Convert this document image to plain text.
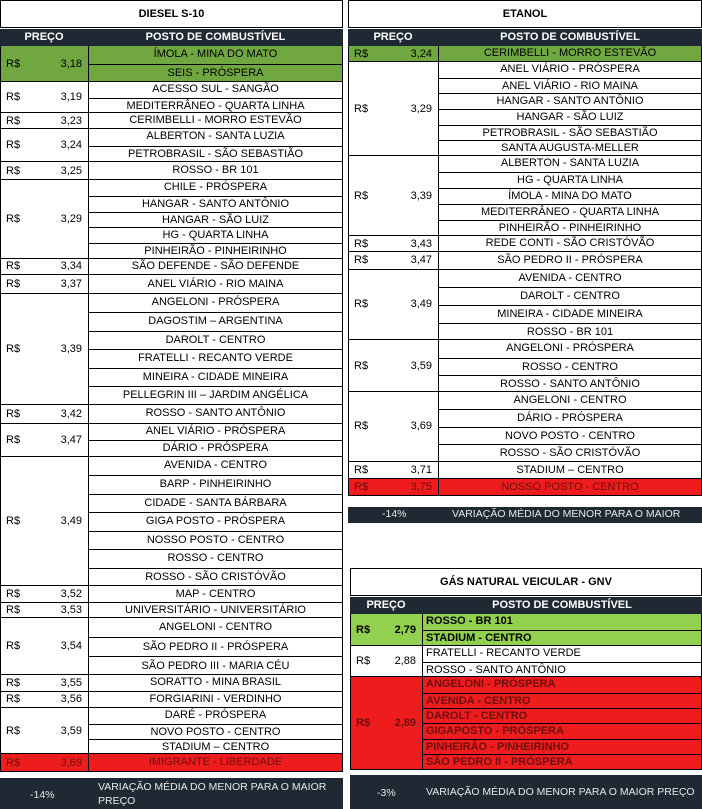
DIESEL S-10
PREÇO	POSTO DE COMBUSTÍVEL
R$	3,18
ÍMOLA - MINA DO MATO
SEIS - PRÓSPERA
R$	3,19
ACESSO SUL - SANGÃO
MEDITERRÂNEO - QUARTA LINHA
R$	3,23	CERIMBELLI - MORRO ESTEVÃO
R$	3,24
ALBERTON - SANTA LUZIA
PETROBRASIL - SÃO SEBASTIÃO
R$	3,25	ROSSO - BR 101
R$	3,29
CHILE - PRÓSPERA
HANGAR - SANTO ANTÔNIO
HANGAR - SÃO LUIZ
HG - QUARTA LINHA
PINHEIRÃO - PINHEIRINHO
R$	3,34	SÃO DEFENDE - SÃO DEFENDE
R$	3,37	ANEL VIÁRIO - RIO MAINA
R$	3,39
ANGELONI - PRÓSPERA
DAGOSTIM – ARGENTINA
DAROLT - CENTRO
FRATELLI - RECANTO VERDE
MINEIRA - CIDADE MINEIRA
PELLEGRIN III – JARDIM ANGÉLICA
R$	3,42	ROSSO - SANTO ANTÔNIO
R$	3,47
ANEL VIÁRIO - PRÓSPERA
DÁRIO - PRÓSPERA
R$	3,49
AVENIDA - CENTRO
BARP - PINHEIRINHO
CIDADE - SANTA BÁRBARA
GIGA POSTO - PRÓSPERA
NOSSO POSTO - CENTRO
ROSSO - CENTRO
ROSSO - SÃO CRISTÓVÃO
R$	3,52	MAP - CENTRO
R$	3,53	UNIVERSITÁRIO - UNIVERSITÁRIO
R$	3,54
ANGELONI - CENTRO
SÃO PEDRO II - PRÓSPERA
SÃO PEDRO III - MARIA CÉU
R$	3,55	SORATTO - MINA BRASIL
R$	3,56	FORGIARINI - VERDINHO
R$	3,59
DARÉ - PRÓSPERA
NOVO POSTO - CENTRO
STADIUM – CENTRO
R$	3,69	IMIGRANTE - LIBERDADE
-14%
VARIAÇÃO MÉDIA DO MENOR PARA O MAIOR PREÇO
ETANOL
PREÇO	POSTO DE COMBUSTÍVEL
R$	3,24	CERIMBELLI - MORRO ESTEVÃO
R$	3,29
ANEL VIÁRIO - PRÓSPERA
ANEL VIÁRIO - RIO MAINA
HANGAR - SANTO ANTÔNIO
HANGAR - SÃO LUIZ
PETROBRASIL - SÃO SEBASTIÃO
SANTA AUGUSTA-MELLER
R$	3,39
ALBERTON - SANTA LUZIA
HG - QUARTA LINHA
ÍMOLA - MINA DO MATO
MEDITERRÂNEO - QUARTA LINHA
PINHEIRÃO - PINHEIRINHO
R$	3,43	REDE CONTI - SÃO CRISTÓVÃO
R$	3,47	SÃO PEDRO II - PRÓSPERA
R$	3,49
AVENIDA - CENTRO
DAROLT - CENTRO
MINEIRA - CIDADE MINEIRA
ROSSO - BR 101
R$	3,59
ANGELONI - PRÓSPERA
ROSSO - CENTRO
ROSSO - SANTO ANTÔNIO
R$	3,69
ANGELONI - CENTRO
DÁRIO - PRÓSPERA
NOVO POSTO - CENTRO
ROSSO - SÃO CRISTÓVÃO
R$	3,71	STADIUM – CENTRO
R$	3,75	NOSSO POSTO - CENTRO
-14%	VARIAÇÃO MÉDIA DO MENOR PARA O MAIOR
GÁS NATURAL VEICULAR - GNV
PREÇO	POSTO DE COMBUSTÍVEL
R$ 2,79
ROSSO - BR 101
STADIUM - CENTRO
R$ 2,88
FRATELLI - RECANTO VERDE
ROSSO - SANTO ANTÔNIO
R$ 2,89
ANGELONI - PRÓSPERA
AVENIDA - CENTRO
DAROLT - CENTRO
GIGAPOSTO - PRÓSPERA
PINHEIRÃO - PINHEIRINHO
SÃO PEDRO II - PRÓSPERA
-3%	VARIAÇÃO MÉDIA DO MENOR PARA O MAIOR PREÇO
